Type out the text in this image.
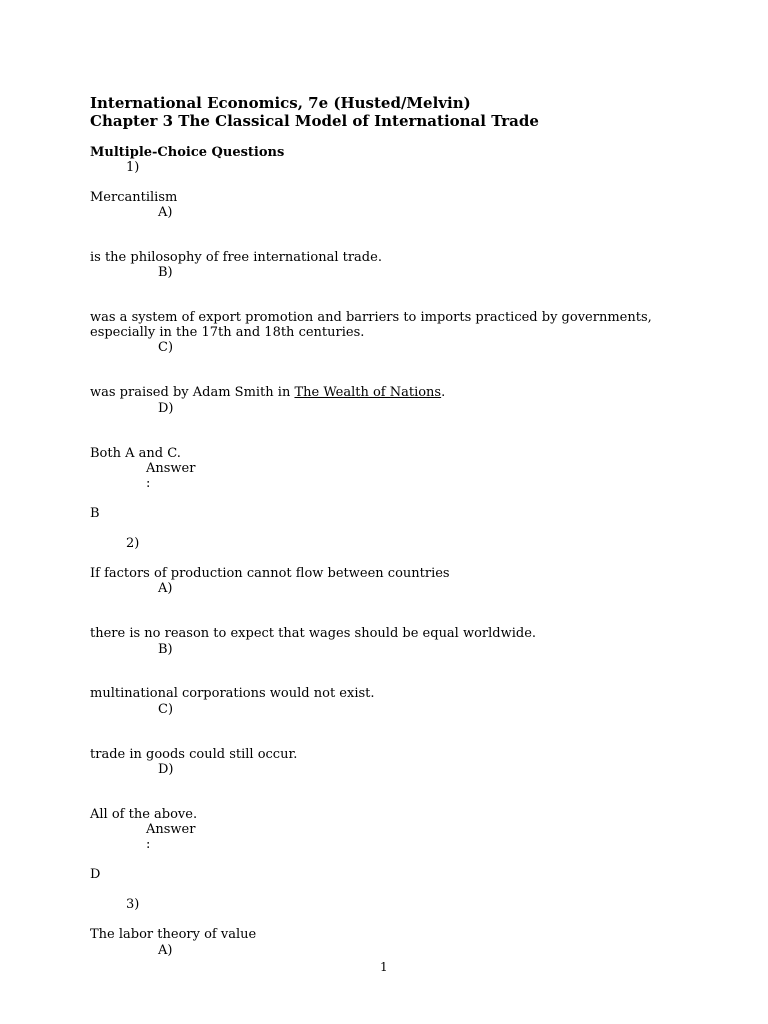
International Economics, 7e (Husted/Melvin)
Chapter 3 The Classical Model of International Trade
Multiple-Choice Questions
1)
Mercantilism
A)
is the philosophy of free international trade.
B)
was a system of export promotion and barriers to imports practiced by governments,
especially in the 17th and 18th centuries.
C)
was praised by Adam Smith in The Wealth of Nations.
D)
Both A and C.
Answer
:
B
2)
If factors of production cannot flow between countries
A)
there is no reason to expect that wages should be equal worldwide.
B)
multinational corporations would not exist.
C)
trade in goods could still occur.
D)
All of the above.
Answer
:
D
3)
The labor theory of value
A)
1
